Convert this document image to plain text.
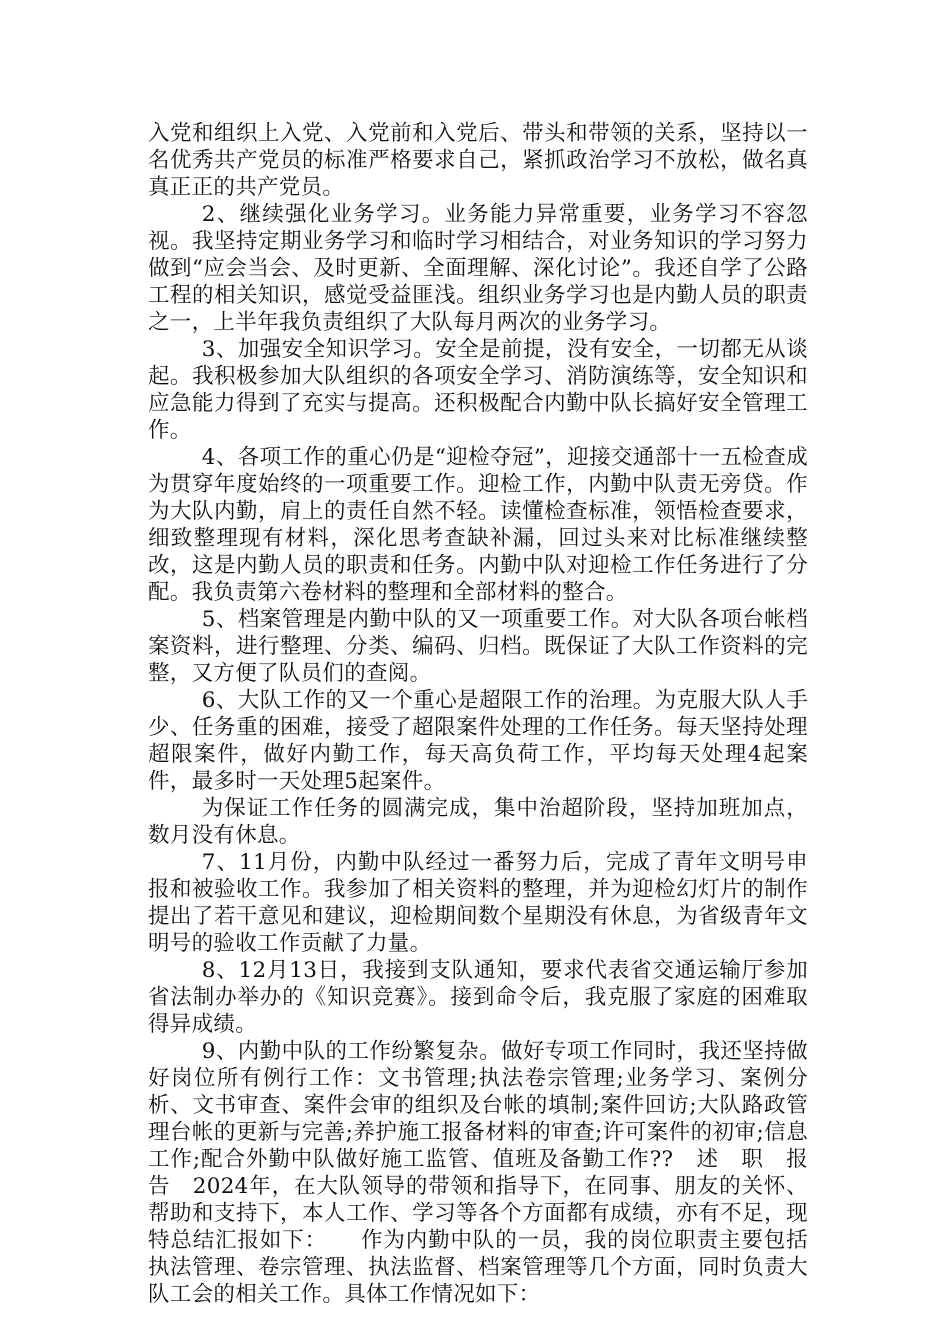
入党和组织上入党、入党前和入党后、带头和带领的关系，坚持以一名优秀共产党员的标准严格要求自己，紧抓政治学习不放松，做名真真正正的共产党员。

2、继续强化业务学习。业务能力异常重要，业务学习不容忽视。我坚持定期业务学习和临时学习相结合，对业务知识的学习努力做到“应会当会、及时更新、全面理解、深化讨论”。我还自学了公路工程的相关知识，感觉受益匪浅。组织业务学习也是内勤人员的职责之一，上半年我负责组织了大队每月两次的业务学习。

3、加强安全知识学习。安全是前提，没有安全，一切都无从谈起。我积极参加大队组织的各项安全学习、消防演练等，安全知识和应急能力得到了充实与提高。还积极配合内勤中队长搞好安全管理工作。

4、各项工作的重心仍是“迎检夺冠”，迎接交通部十一五检查成为贯穿年度始终的一项重要工作。迎检工作，内勤中队责无旁贷。作为大队内勤，肩上的责任自然不轻。读懂检查标准，领悟检查要求，细致整理现有材料，深化思考查缺补漏，回过头来对比标准继续整改，这是内勤人员的职责和任务。内勤中队对迎检工作任务进行了分配。我负责第六卷材料的整理和全部材料的整合。

5、档案管理是内勤中队的又一项重要工作。对大队各项台帐档案资料，进行整理、分类、编码、归档。既保证了大队工作资料的完整，又方便了队员们的查阅。

6、大队工作的又一个重心是超限工作的治理。为克服大队人手少、任务重的困难，接受了超限案件处理的工作任务。每天坚持处理超限案件，做好内勤工作，每天高负荷工作，平均每天处理4起案件，最多时一天处理5起案件。

为保证工作任务的圆满完成，集中治超阶段，坚持加班加点，数月没有休息。

7、11月份，内勤中队经过一番努力后，完成了青年文明号申报和被验收工作。我参加了相关资料的整理，并为迎检幻灯片的制作提出了若干意见和建议，迎检期间数个星期没有休息，为省级青年文明号的验收工作贡献了力量。

8、12月13日，我接到支队通知，要求代表省交通运输厅参加省法制办举办的《知识竞赛》。接到命令后，我克服了家庭的困难取得异成绩。

9、内勤中队的工作纷繁复杂。做好专项工作同时，我还坚持做好岗位所有例行工作：文书管理;执法卷宗管理;业务学习、案例分析、文书审查、案件会审的组织及台帐的填制;案件回访;大队路政管理台帐的更新与完善;养护施工报备材料的审查;许可案件的初审;信息工作;配合外勤中队做好施工监管、值班及备勤工作??　述　职　报　告　2024年，在大队领导的带领和指导下，在同事、朋友的关怀、帮助和支持下，本人工作、学习等各个方面都有成绩，亦有不足，现特总结汇报如下：　　作为内勤中队的一员，我的岗位职责主要包括执法管理、卷宗管理、执法监督、档案管理等几个方面，同时负责大队工会的相关工作。具体工作情况如下：
